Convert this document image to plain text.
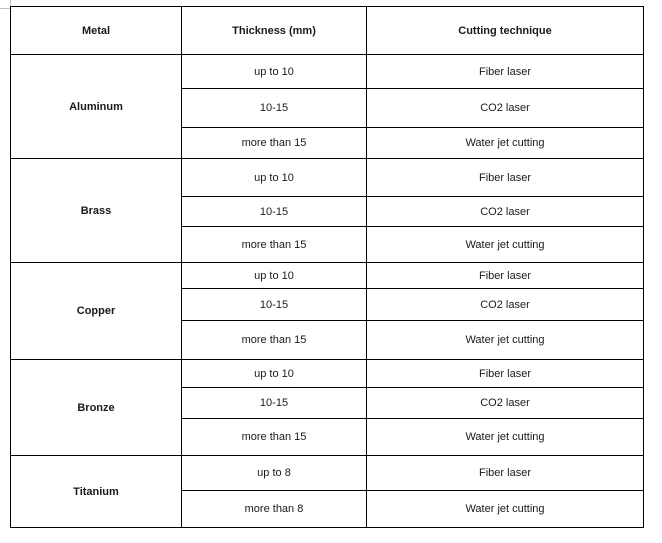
Metal	Thickness (mm)	Cutting technique
Aluminum	up to 10	Fiber laser
	10-15	CO2 laser
	more than 15	Water jet cutting
Brass	up to 10	Fiber laser
	10-15	CO2 laser
	more than 15	Water jet cutting
Copper	up to 10	Fiber laser
	10-15	CO2 laser
	more than 15	Water jet cutting
Bronze	up to 10	Fiber laser
	10-15	CO2 laser
	more than 15	Water jet cutting
Titanium	up to 8	Fiber laser
	more than 8	Water jet cutting
